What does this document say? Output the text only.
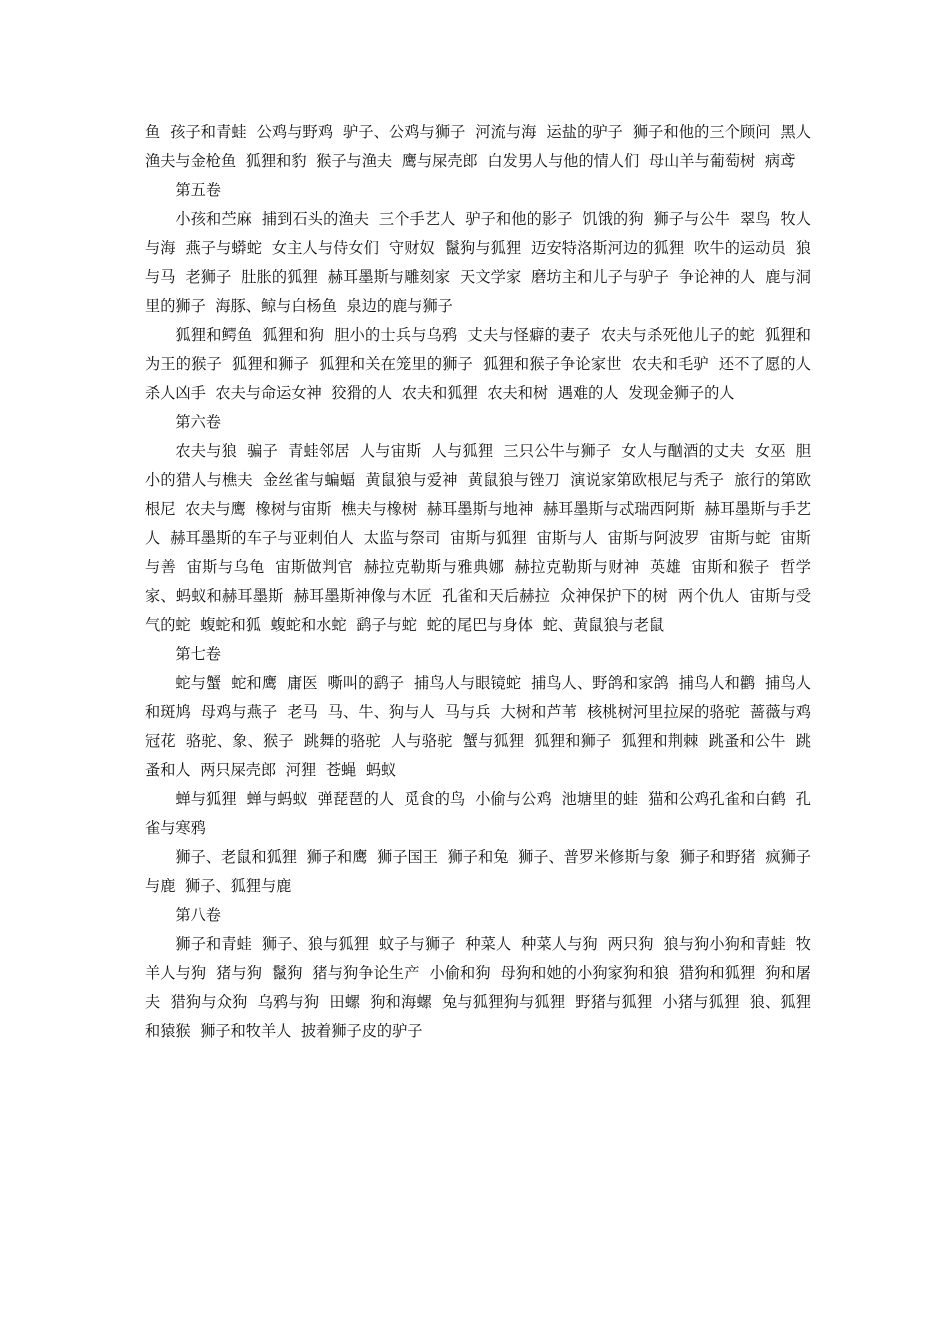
鱼  孩子和青蛙  公鸡与野鸡  驴子、公鸡与狮子  河流与海  运盐的驴子  狮子和他的三个顾问  黑人  渔夫与金枪鱼  狐狸和豹  猴子与渔夫  鹰与屎壳郎  白发男人与他的情人们  母山羊与葡萄树  病鸢

第五卷

小孩和苎麻  捕到石头的渔夫  三个手艺人  驴子和他的影子  饥饿的狗  狮子与公牛  翠鸟  牧人与海  燕子与蟒蛇  女主人与侍女们  守财奴  鬣狗与狐狸  迈安特洛斯河边的狐狸  吹牛的运动员  狼与马  老狮子  肚胀的狐狸  赫耳墨斯与雕刻家  天文学家  磨坊主和儿子与驴子  争论神的人  鹿与洞里的狮子  海豚、鲸与白杨鱼  泉边的鹿与狮子

狐狸和鳄鱼  狐狸和狗  胆小的士兵与乌鸦  丈夫与怪癖的妻子  农夫与杀死他儿子的蛇  狐狸和为王的猴子  狐狸和狮子  狐狸和关在笼里的狮子  狐狸和猴子争论家世  农夫和毛驴  还不了愿的人  杀人凶手  农夫与命运女神  狡猾的人  农夫和狐狸  农夫和树  遇难的人  发现金狮子的人

第六卷

农夫与狼  骗子  青蛙邻居  人与宙斯  人与狐狸  三只公牛与狮子  女人与酗酒的丈夫  女巫  胆小的猎人与樵夫  金丝雀与蝙蝠  黄鼠狼与爱神  黄鼠狼与锉刀  演说家第欧根尼与秃子  旅行的第欧根尼  农夫与鹰  橡树与宙斯  樵夫与橡树  赫耳墨斯与地神  赫耳墨斯与忒瑞西阿斯  赫耳墨斯与手艺人  赫耳墨斯的车子与亚剌伯人  太监与祭司  宙斯与狐狸  宙斯与人  宙斯与阿波罗  宙斯与蛇  宙斯与善  宙斯与乌龟  宙斯做判官  赫拉克勒斯与雅典娜  赫拉克勒斯与财神  英雄  宙斯和猴子  哲学家、蚂蚁和赫耳墨斯  赫耳墨斯神像与木匠  孔雀和天后赫拉  众神保护下的树  两个仇人  宙斯与受气的蛇  蝮蛇和狐  蝮蛇和水蛇  鹞子与蛇  蛇的尾巴与身体  蛇、黄鼠狼与老鼠

第七卷

蛇与蟹  蛇和鹰  庸医  嘶叫的鹞子  捕鸟人与眼镜蛇  捕鸟人、野鸽和家鸽  捕鸟人和鹳  捕鸟人和斑鸠  母鸡与燕子  老马  马、牛、狗与人  马与兵  大树和芦苇  核桃树河里拉屎的骆驼  蔷薇与鸡冠花  骆驼、象、猴子  跳舞的骆驼  人与骆驼  蟹与狐狸  狐狸和狮子  狐狸和荆棘  跳蚤和公牛  跳蚤和人  两只屎壳郎  河狸  苍蝇  蚂蚁

蝉与狐狸  蝉与蚂蚁  弹琵琶的人  觅食的鸟  小偷与公鸡  池塘里的蛙  猫和公鸡孔雀和白鹤  孔雀与寒鸦

狮子、老鼠和狐狸  狮子和鹰  狮子国王  狮子和兔  狮子、普罗米修斯与象  狮子和野猪  疯狮子与鹿  狮子、狐狸与鹿

第八卷

狮子和青蛙  狮子、狼与狐狸  蚊子与狮子  种菜人  种菜人与狗  两只狗  狼与狗小狗和青蛙  牧羊人与狗  猪与狗  鬣狗  猪与狗争论生产  小偷和狗  母狗和她的小狗家狗和狼  猎狗和狐狸  狗和屠夫  猎狗与众狗  乌鸦与狗  田螺  狗和海螺  兔与狐狸狗与狐狸  野猪与狐狸  小猪与狐狸  狼、狐狸和猿猴  狮子和牧羊人  披着狮子皮的驴子
